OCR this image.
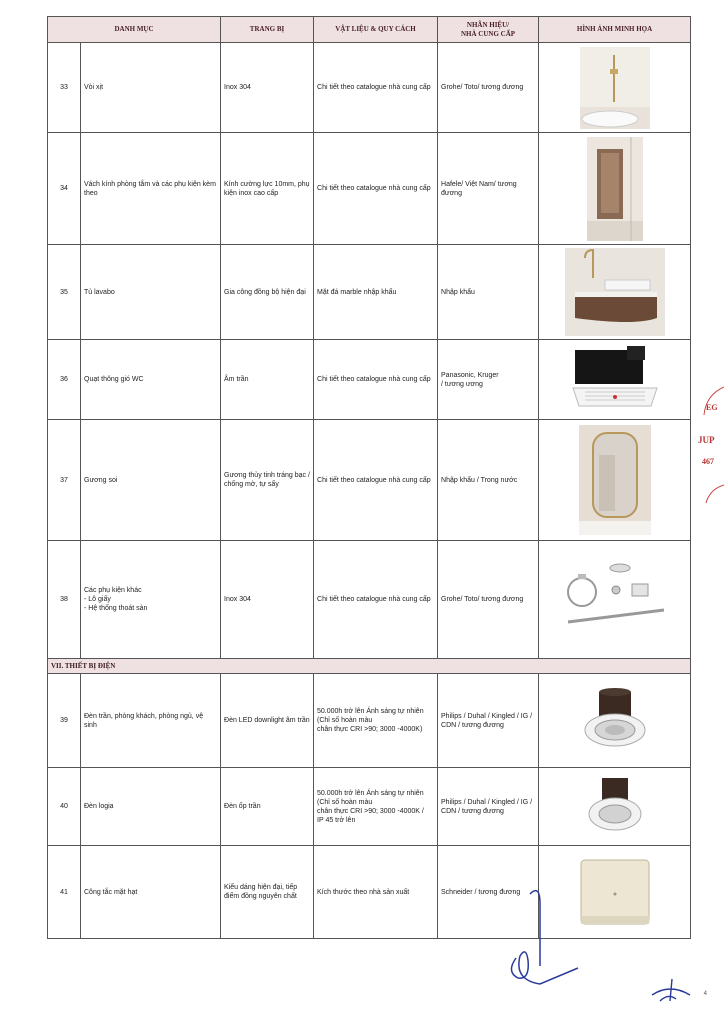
DANH MỤC		TRANG BỊ	VẬT LIỆU & QUY CÁCH	NHÃN HIỆU/
NHÀ CUNG CẤP	HÌNH ẢNH MINH HỌA
33	Vòi xịt	Inox 304	Chi tiết theo catalogue nhà cung cấp	Grohe/ Toto/ tương đương	

34	Vách kính phòng tắm và các phụ kiện kèm theo	Kính cường lực 10mm, phụ kiện inox cao cấp	Chi tiết theo catalogue nhà cung cấp	Hafele/ Việt Nam/ tương đương	

35	Tủ lavabo	Gia công đồng bộ hiện đại	Mặt đá marble nhập khẩu	Nhập khẩu	

36	Quạt thông gió WC	Âm trần	Chi tiết theo catalogue nhà cung cấp	Panasonic, Kruger
/ tương ương

37	Gương soi	Gương thủy tinh tráng bạc / chống mờ, tự sấy	Chi tiết theo catalogue nhà cung cấp	Nhập khẩu / Trong nước	

38	Các phụ kiện khác
- Lô giấy
- Hệ thống thoát sàn	Inox 304	Chi tiết theo catalogue nhà cung cấp	Grohe/ Toto/ tương đương	

VII. THIẾT BỊ ĐIỆN					
39	Đèn trần, phòng khách, phòng ngủ, vệ sinh	Đèn LED downlight âm trần	50.000h trở lên Ánh sáng tự nhiên
(Chỉ số hoàn màu
chân thực CRI >90; 3000 -4000K)	Philips / Duhal / Kingled / IG / CDN / tương đương	

40	Đèn logia	Đèn ốp trần	50.000h trở lên Ánh sáng tự nhiên
(Chỉ số hoàn màu
chân thực CRI >90; 3000 -4000K /
IP 45 trở lên	Philips / Duhal / Kingled / IG / CDN / tương đương	

41	Công tắc mặt hạt	Kiểu dáng hiện đại, tiếp điểm đồng nguyên chất	Kích thước theo nhà sản xuất	Schneider / tương đương	
EG
JUP
467
4
